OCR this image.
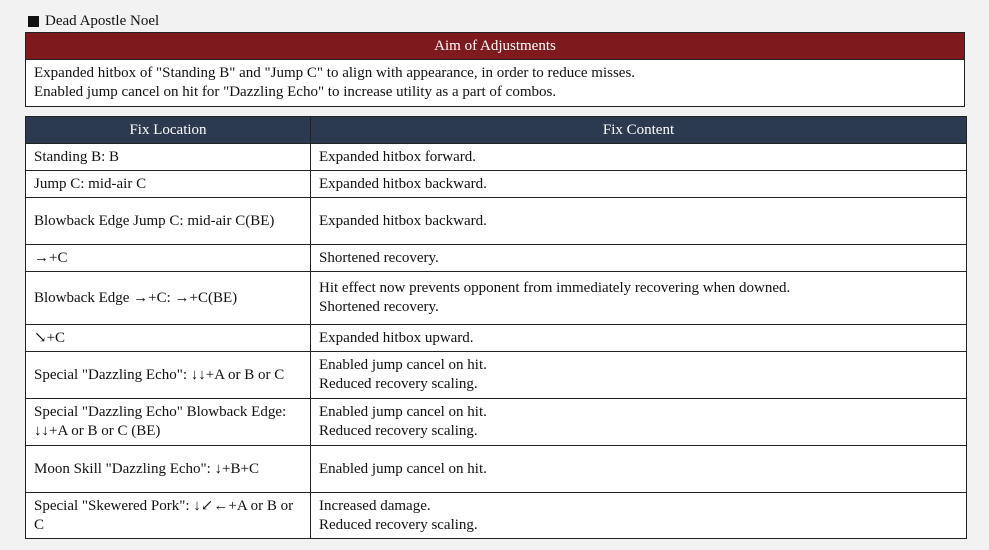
Dead Apostle Noel
Aim of Adjustments
Expanded hitbox of "Standing B" and "Jump C" to align with appearance, in order to reduce misses.
Enabled jump cancel on hit for "Dazzling Echo" to increase utility as a part of combos.
Fix Location	Fix Content
Standing B: B	Expanded hitbox forward.

Jump C: mid-air C	Expanded hitbox backward.

Blowback Edge Jump C: mid-air C(BE)	Expanded hitbox backward.

→+C	Shortened recovery.

Blowback Edge →+C: →+C(BE)	Hit effect now prevents opponent from immediately recovering when downed.
Shortened recovery.

↘+C	Expanded hitbox upward.

Special "Dazzling Echo": ↓↓+A or B or C	Enabled jump cancel on hit.
Reduced recovery scaling.

Special "Dazzling Echo" Blowback Edge: ↓↓+A or B or C (BE)	Enabled jump cancel on hit.
Reduced recovery scaling.

Moon Skill "Dazzling Echo": ↓+B+C	Enabled jump cancel on hit.

Special "Skewered Pork": ↓↙←+A or B or C	Increased damage.
Reduced recovery scaling.
